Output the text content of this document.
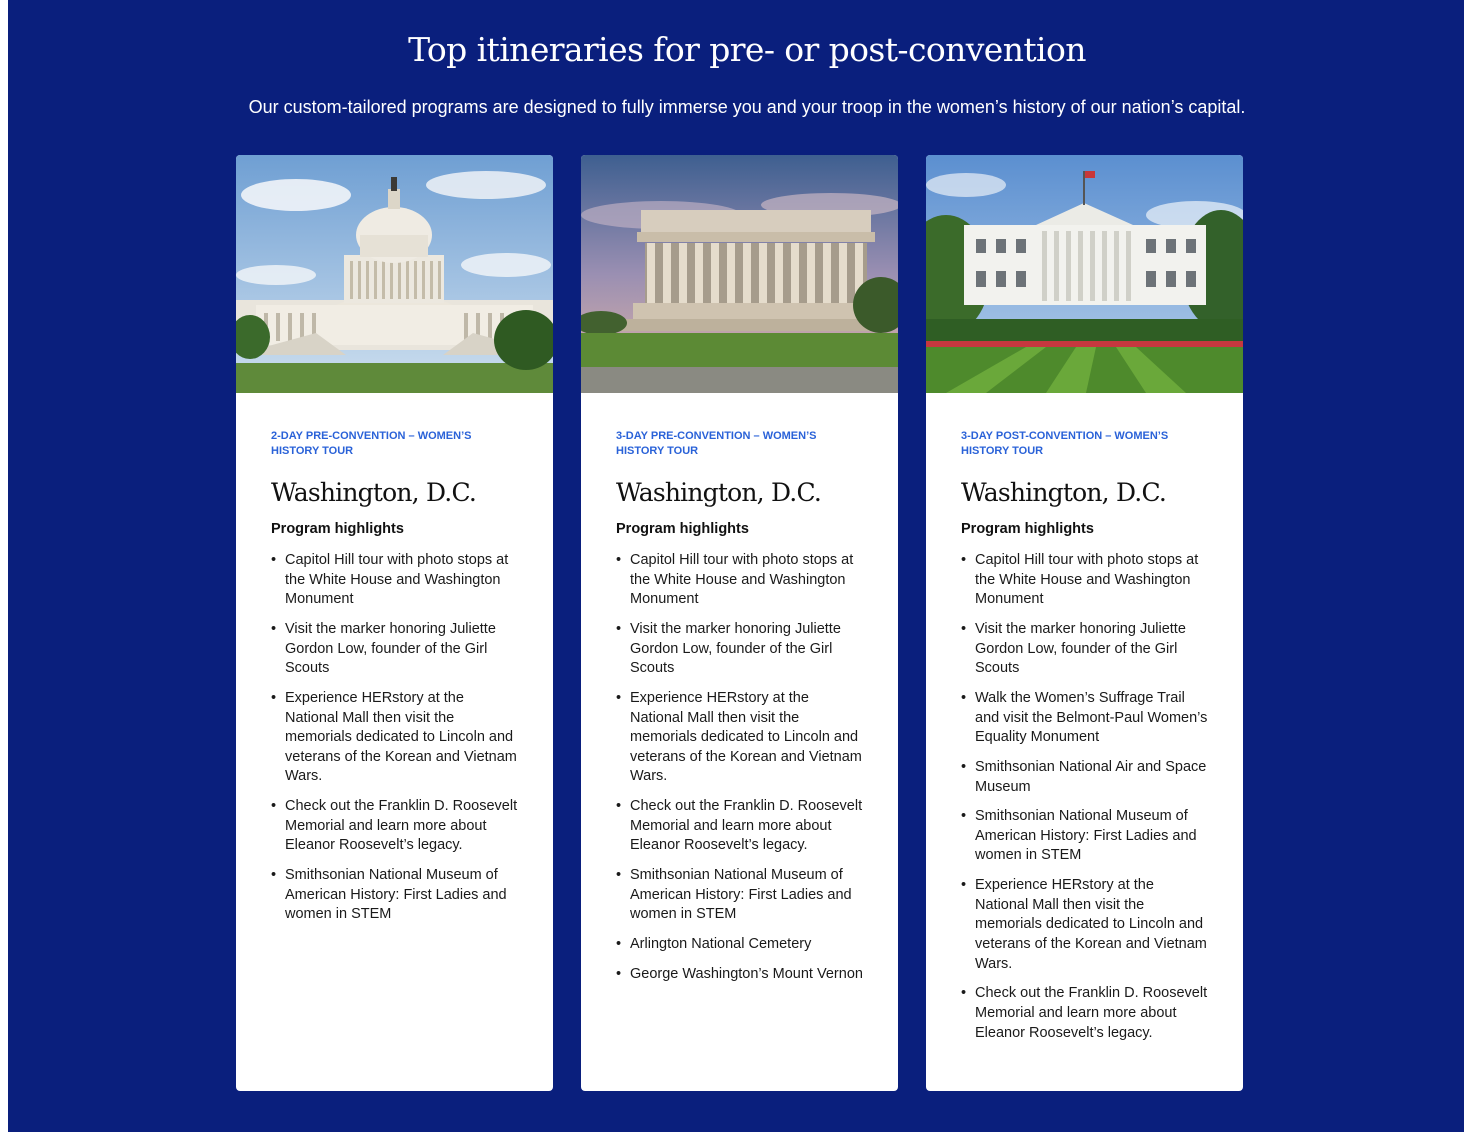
Top itineraries for pre- or post-convention

Our custom-tailored programs are designed to fully immerse you and your troop in the women’s history of our nation’s capital.

2-DAY PRE-CONVENTION – WOMEN’S HISTORY TOUR

Washington, D.C.

Program highlights

• Capitol Hill tour with photo stops at the White House and Washington Monument
• Visit the marker honoring Juliette Gordon Low, founder of the Girl Scouts
• Experience HERstory at the National Mall then visit the memorials dedicated to Lincoln and veterans of the Korean and Vietnam Wars.
• Check out the Franklin D. Roosevelt Memorial and learn more about Eleanor Roosevelt’s legacy.
• Smithsonian National Museum of American History: First Ladies and women in STEM

3-DAY PRE-CONVENTION – WOMEN’S HISTORY TOUR

Washington, D.C.

Program highlights

• Capitol Hill tour with photo stops at the White House and Washington Monument
• Visit the marker honoring Juliette Gordon Low, founder of the Girl Scouts
• Experience HERstory at the National Mall then visit the memorials dedicated to Lincoln and veterans of the Korean and Vietnam Wars.
• Check out the Franklin D. Roosevelt Memorial and learn more about Eleanor Roosevelt’s legacy.
• Smithsonian National Museum of American History: First Ladies and women in STEM
• Arlington National Cemetery
• George Washington’s Mount Vernon

3-DAY POST-CONVENTION – WOMEN’S HISTORY TOUR

Washington, D.C.

Program highlights

• Capitol Hill tour with photo stops at the White House and Washington Monument
• Visit the marker honoring Juliette Gordon Low, founder of the Girl Scouts
• Walk the Women’s Suffrage Trail and visit the Belmont-Paul Women’s Equality Monument
• Smithsonian National Air and Space Museum
• Smithsonian National Museum of American History: First Ladies and women in STEM
• Experience HERstory at the National Mall then visit the memorials dedicated to Lincoln and veterans of the Korean and Vietnam Wars.
• Check out the Franklin D. Roosevelt Memorial and learn more about Eleanor Roosevelt’s legacy.
